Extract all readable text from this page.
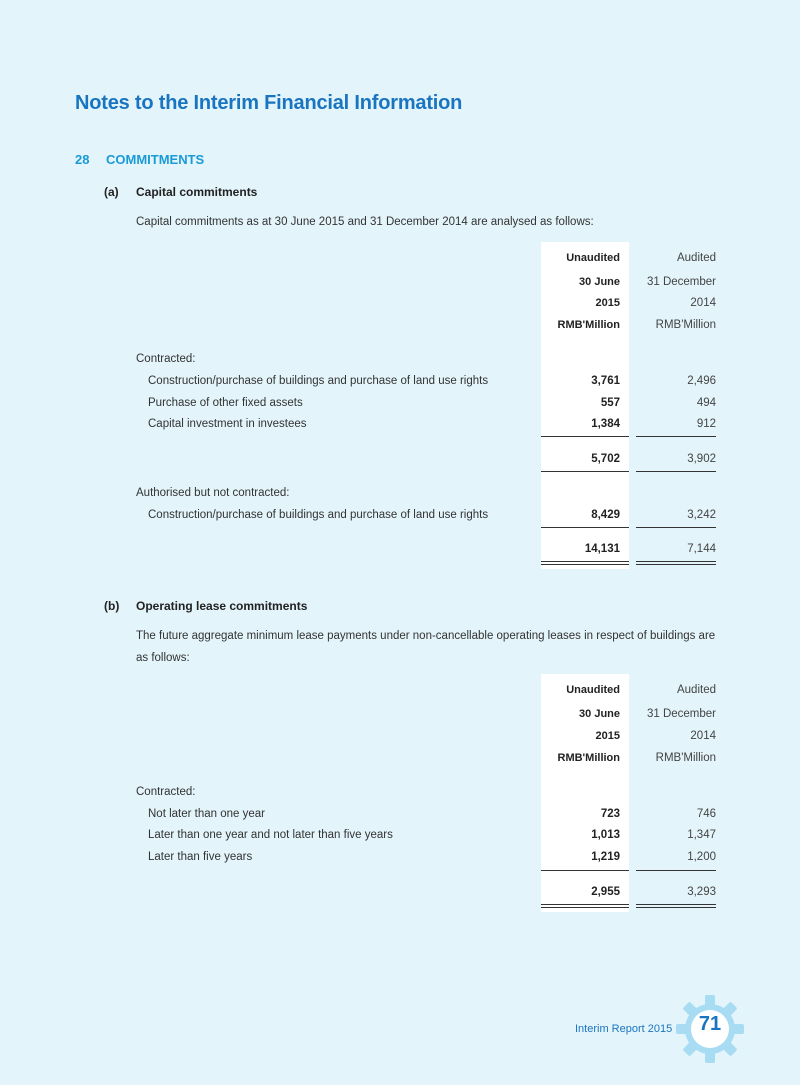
Notes to the Interim Financial Information
28 COMMITMENTS
(a) Capital commitments
Capital commitments as at 30 June 2015 and 31 December 2014 are analysed as follows:
Unaudited	Audited
30 June 31 December
2015	2014
RMB'Million	RMB'Million
Contracted:
Construction/purchase of buildings and purchase of land use rights	3,761	2,496
Purchase of other fixed assets	557	494
Capital investment in investees	1,384	912
5,702	3,902
Authorised but not contracted:
Construction/purchase of buildings and purchase of land use rights	8,429	3,242
14,131	7,144
(b) Operating lease commitments
The future aggregate minimum lease payments under non-cancellable operating leases in respect of buildings are as follows:
Unaudited	Audited
30 June 31 December
2015	2014
RMB'Million	RMB'Million
Contracted:
Not later than one year	723	746
Later than one year and not later than five years	1,013	1,347
Later than five years	1,219	1,200
2,955	3,293
Interim Report 2015	71
